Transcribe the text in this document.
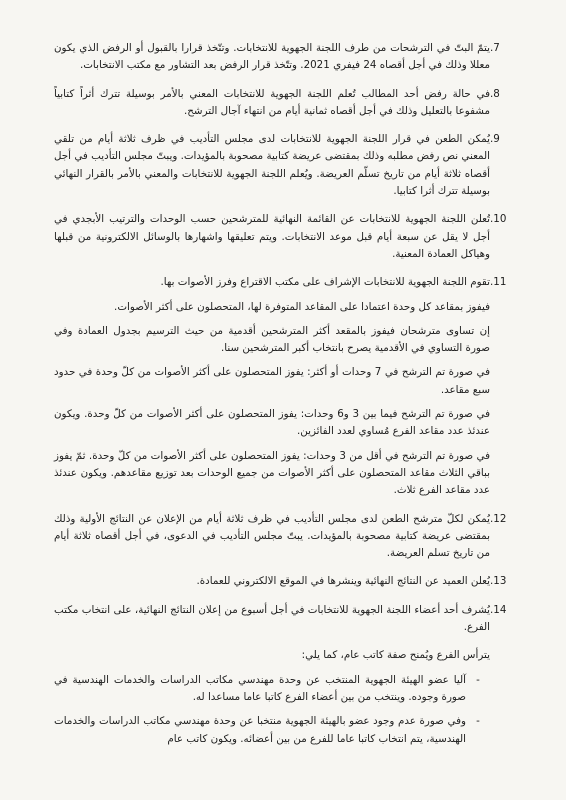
.7
يتمّ البتّ في الترشحات من طرف اللجنة الجهوية للانتخابات. وتتّخذ قرارا بالقبول أو الرفض الذي يكون معللا وذلك في أجل أقصاه 24 فيفري 2021. وتتّخذ قرار الرفض بعد التشاور مع مكتب الانتخابات.
.8
في حالة رفض أحد المطالب تُعلم اللجنة الجهوية للانتخابات المعني بالأمر بوسيلة تترك أثراً كتابياً مشفوعا بالتعليل وذلك في أجل أقصاه ثمانية أيام من انتهاء آجال الترشح.
.9
يُمكن الطعن في قرار اللجنة الجهوية للانتخابات لدى مجلس التأديب في ظرف ثلاثة أيام من تلقي المعني نص رفض مطلبه وذلك بمقتضى عريضة كتابية مصحوبة بالمؤيدات. ويبتّ مجلس التأديب في أجل أقصاه ثلاثة أيام من تاريخ تسلّم العريضة. ويُعلم اللجنة الجهوية للانتخابات والمعني بالأمر بالقرار النهائي بوسيلة تترك أثرا كتابيا.
.10
تُعلن اللجنة الجهوية للانتخابات عن القائمة النهائية للمترشحين حسب الوحدات والترتيب الأبجدي في أجل لا يقل عن سبعة أيام قبل موعد الانتخابات. ويتم تعليقها واشهارها بالوسائل الالكترونية من قبلها وهياكل العمادة المعنية.
.11
تقوم اللجنة الجهوية للانتخابات الإشراف على مكتب الاقتراع وفرز الأصوات بها.
فيفوز بمقاعد كل وحدة اعتمادا على المقاعد المتوفرة لها، المتحصلون على أكثر الأصوات.
إن تساوى مترشحان فيفوز بالمقعد أكثر المترشحين أقدمية من حيث الترسيم بجدول العمادة وفي صورة التساوي في الأقدمية يصرح بانتخاب أكبر المترشحين سنا.
في صورة تم الترشح في 7 وحدات أو أكثر: يفوز المتحصلون على أكثر الأصوات من كلّ وحدة في حدود سبع مقاعد.
في صورة تم الترشح فيما بين 3 و6 وحدات: يفوز المتحصلون على أكثر الأصوات من كلّ وحدة. ويكون عندئذ عدد مقاعد الفرع مُساوي لعدد الفائزين.
في صورة تم الترشح في أقل من 3 وحدات: يفوز المتحصلون على أكثر الأصوات من كلّ وحدة. ثمّ يفوز بباقي الثلاث مقاعد المتحصلون على أكثر الأصوات من جميع الوحدات بعد توزيع مقاعدهم. ويكون عندئذ عدد مقاعد الفرع ثلاث.
.12
يُمكن لكلّ مترشح الطعن لدى مجلس التأديب في ظرف ثلاثة أيام من الإعلان عن النتائج الأولية وذلك بمقتضى عريضة كتابية مصحوبة بالمؤيدات. يبتّ مجلس التأديب في الدعوى، في أجل أقصاه ثلاثة أيام من تاريخ تسلم العريضة.
.13
يُعلن العميد عن النتائج النهائية وينشرها في الموقع الالكتروني للعمادة.
.14
يُشرف أحد أعضاء اللجنة الجهوية للانتخابات في أجل أسبوع من إعلان النتائج النهائية، على انتخاب مكتب الفرع.
يترأس الفرع ويُمنح صفة كاتب عام، كما يلي:
-
آليا عضو الهيئة الجهوية المنتخب عن وحدة مهندسي مكاتب الدراسات والخدمات الهندسية في صورة وجوده. وينتخب من بين أعضاء الفرع كاتبا عاما مساعدا له.
-
وفي صورة عدم وجود عضو بالهيئة الجهوية منتخبا عن وحدة مهندسي مكاتب الدراسات والخدمات الهندسية، يتم انتخاب كاتبا عاما للفرع من بين أعضائه. ويكون كاتب عام
